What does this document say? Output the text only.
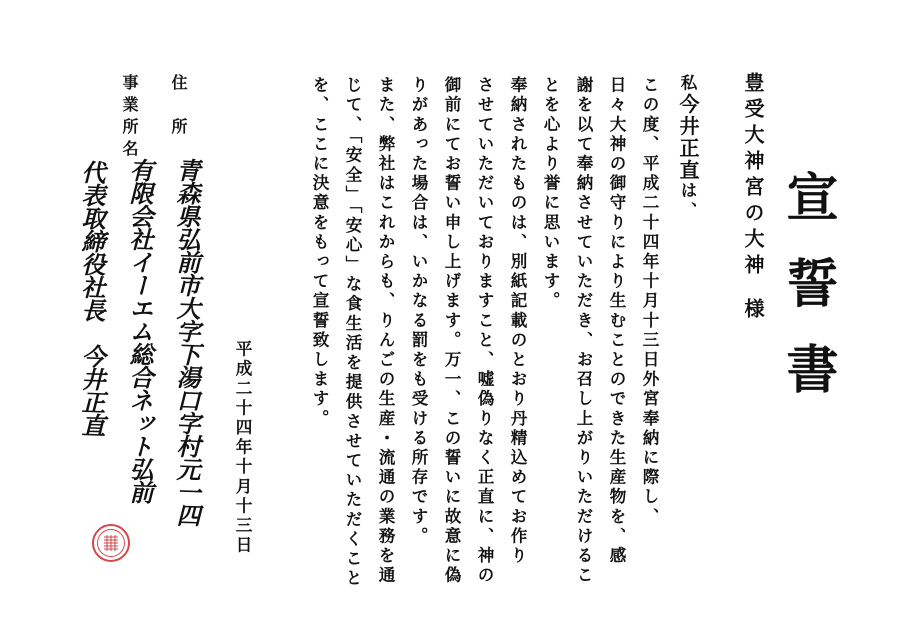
宣誓書
豊受大神宮の大神様
私今井正直は、
この度、平成二十四年十月十三日外宮奉納に際し、
日々大神の御守りにより生むことのできた生産物を、感
謝を以て奉納させていただき、お召し上がりいただけるこ
とを心より誉に思います。
奉納されたものは、別紙記載のとおり丹精込めてお作り
させていただいておりますこと、嘘偽りなく正直に、神の
御前にてお誓い申し上げます。万一、この誓いに故意に偽
りがあった場合は、いかなる罰をも受ける所存です。
また、弊社はこれからも、りんごの生産・流通の業務を通
じて、「安全」「安心」な食生活を提供させていただくこと
を、ここに決意をもって宣誓致します。
平成二十四年十月十三日
住　所
事業所名
青森県弘前市大字下湯口字村元一四
有限会社イーエム総合ネット弘前
代表取締役社長　今井正直
